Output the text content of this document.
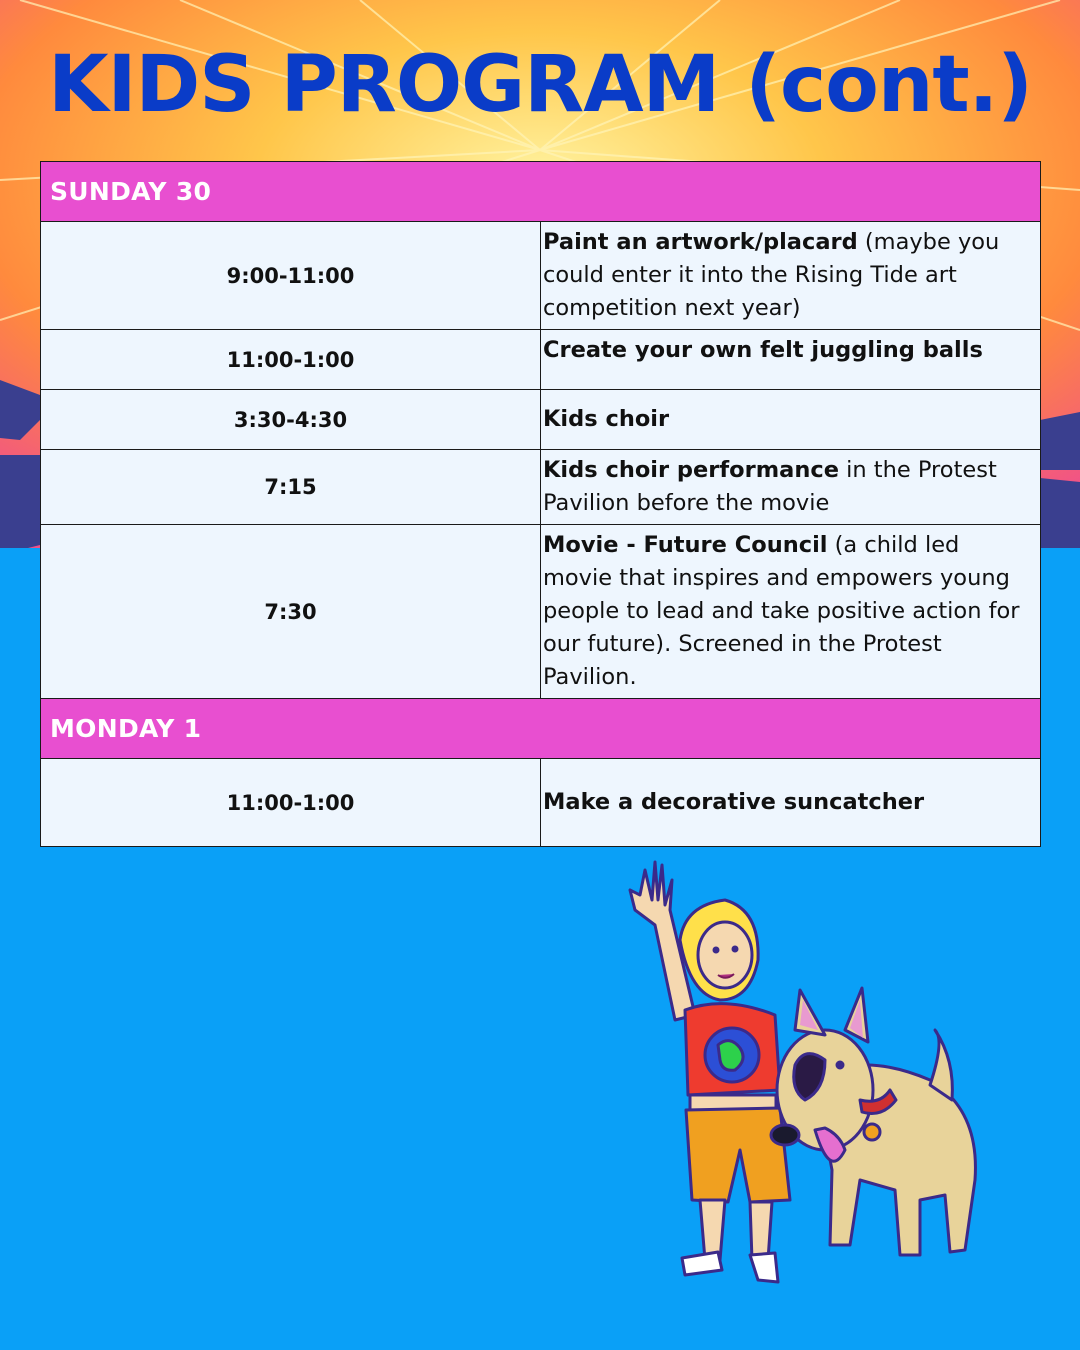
KIDS PROGRAM (cont.)
SUNDAY 30	
9:00-11:00	Paint an artwork/placard (maybe you could enter it into the Rising Tide art competition next year)
11:00-1:00	Create your own felt juggling balls
3:30-4:30	Kids choir
7:15	Kids choir performance in the Protest Pavilion before the movie
7:30	Movie - Future Council (a child led movie that inspires and empowers young people to lead and take positive action for our future). Screened in the Protest Pavilion.
MONDAY 1	
11:00-1:00	Make a decorative suncatcher
